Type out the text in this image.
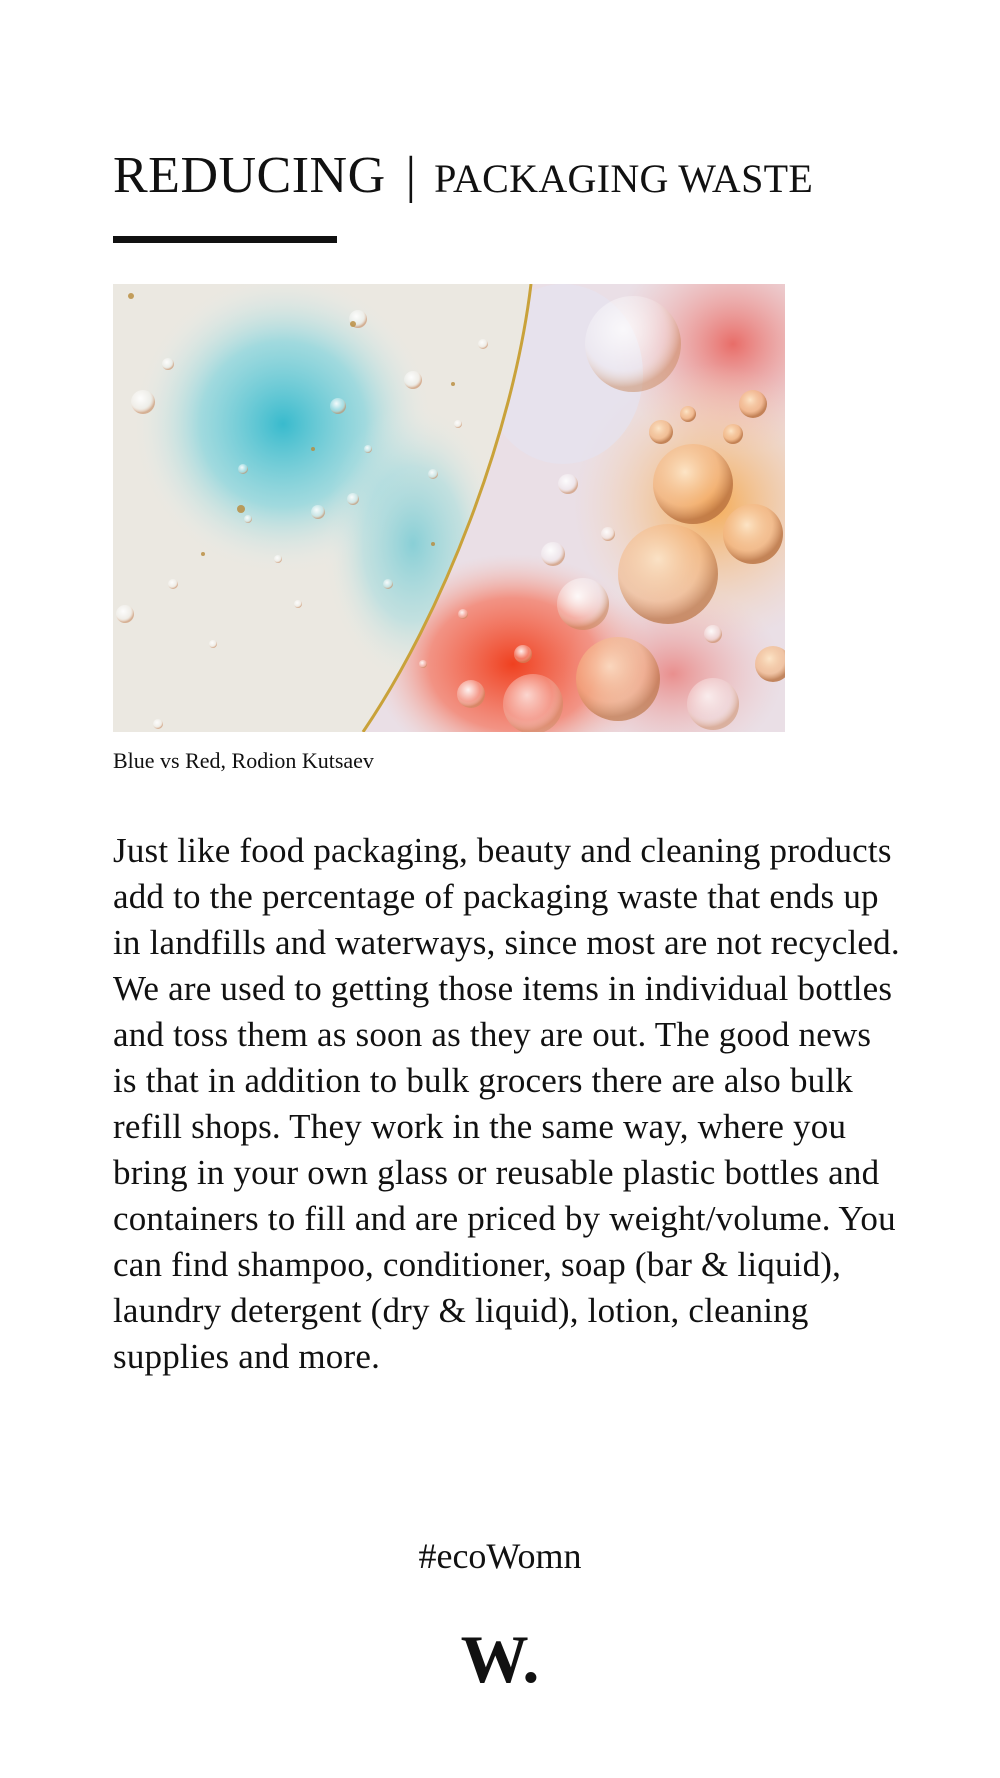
REDUCING | PACKAGING WASTE

Blue vs Red, Rodion Kutsaev

Just like food packaging, beauty and cleaning products add to the percentage of packaging waste that ends up in landfills and waterways, since most are not recycled. We are used to getting those items in individual bottles and toss them as soon as they are out. The good news is that in addition to bulk grocers there are also bulk refill shops. They work in the same way, where you bring in your own glass or reusable plastic bottles and containers to fill and are priced by weight/volume. You can find shampoo, conditioner, soap (bar & liquid), laundry detergent (dry & liquid), lotion, cleaning supplies and more.

#ecoWomn

W.
